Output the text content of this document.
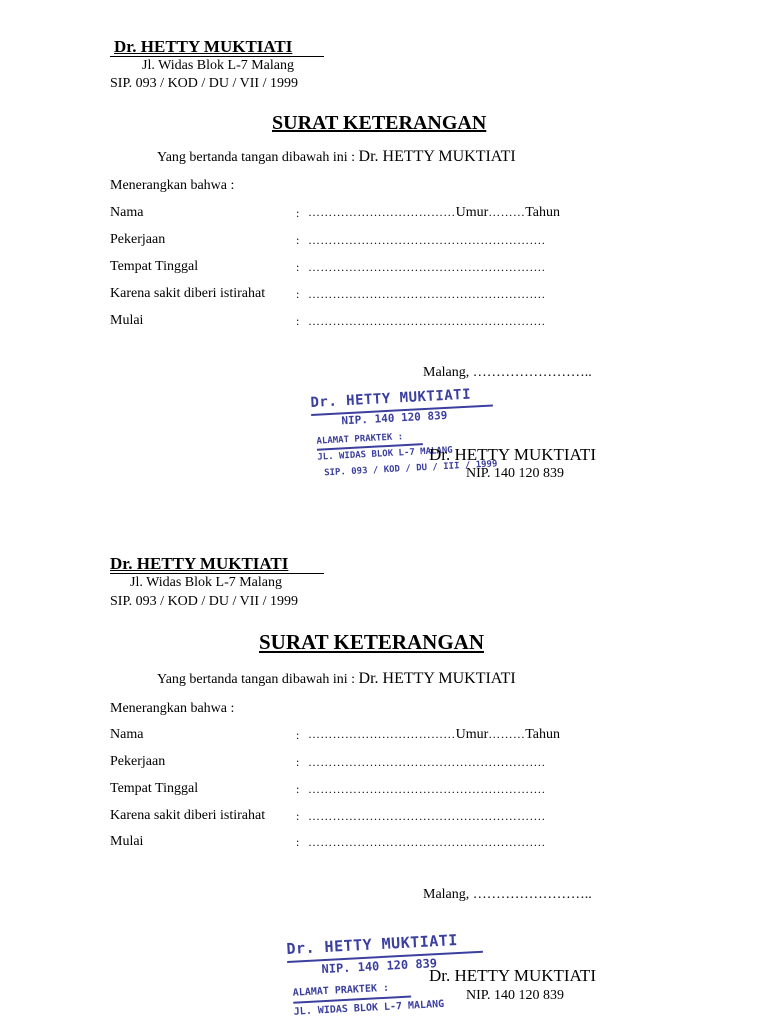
Dr. HETTY MUKTIATI
Jl. Widas Blok L-7 Malang
SIP. 093 / KOD / DU / VII / 1999
SURAT KETERANGAN
Yang bertanda tangan dibawah ini : Dr. HETTY MUKTIATI
Menerangkan bahwa :
Nama	: ………………………………Umur………Tahun
Pekerjaan	: ………………………………………………….
Tempat Tinggal	: ………………………………………………….
Karena sakit diberi istirahat	: ………………………………………………….
Mulai	: ………………………………………………….
Malang, ……………………..
Dr. HETTY MUKTIATI
NIP. 140 120 839
ALAMAT PRAKTEK :
JL. WIDAS BLOK L-7 MALANG
SIP. 093 / KOD / DU / III / 1999
Dr. HETTY MUKTIATI
NIP. 140 120 839
Dr. HETTY MUKTIATI
Jl. Widas Blok L-7 Malang
SIP. 093 / KOD / DU / VII / 1999
SURAT KETERANGAN
Yang bertanda tangan dibawah ini : Dr. HETTY MUKTIATI
Menerangkan bahwa :
Nama	: ………………………………Umur………Tahun
Pekerjaan	: ………………………………………………….
Tempat Tinggal	: ………………………………………………….
Karena sakit diberi istirahat	: ………………………………………………….
Mulai	: ………………………………………………….
Malang, ……………………..
Dr. HETTY MUKTIATI
NIP. 140 120 839
ALAMAT PRAKTEK :
JL. WIDAS BLOK L-7 MALANG
Dr. HETTY MUKTIATI
NIP. 140 120 839
